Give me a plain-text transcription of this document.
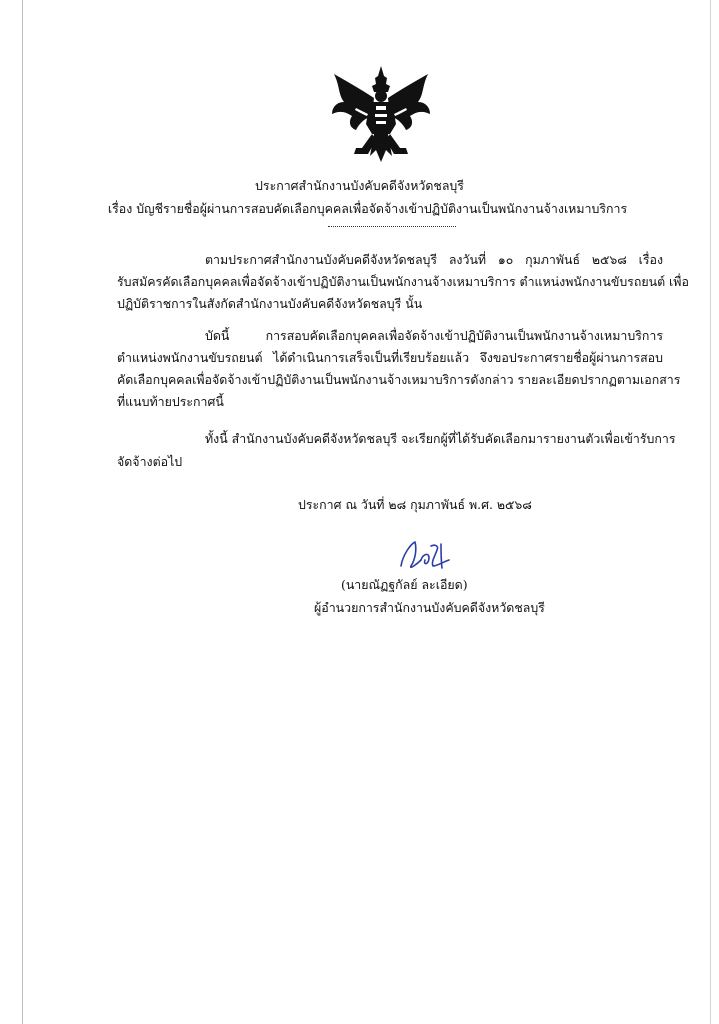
ประกาศสำนักงานบังคับคดีจังหวัดชลบุรี
เรื่อง บัญชีรายชื่อผู้ผ่านการสอบคัดเลือกบุคคลเพื่อจัดจ้างเข้าปฏิบัติงานเป็นพนักงานจ้างเหมาบริการ
ตามประกาศสำนักงานบังคับคดีจังหวัดชลบุรี ลงวันที่ ๑๐ กุมภาพันธ์ ๒๕๖๘ เรื่อง
รับสมัครคัดเลือกบุคคลเพื่อจัดจ้างเข้าปฏิบัติงานเป็นพนักงานจ้างเหมาบริการ ตำแหน่งพนักงานขับรถยนต์ เพื่อ
ปฏิบัติราชการในสังกัดสำนักงานบังคับคดีจังหวัดชลบุรี นั้น
บัดนี้ การสอบคัดเลือกบุคคลเพื่อจัดจ้างเข้าปฏิบัติงานเป็นพนักงานจ้างเหมาบริการ
ตำแหน่งพนักงานขับรถยนต์ ได้ดำเนินการเสร็จเป็นที่เรียบร้อยแล้ว จึงขอประกาศรายชื่อผู้ผ่านการสอบ
คัดเลือกบุคคลเพื่อจัดจ้างเข้าปฏิบัติงานเป็นพนักงานจ้างเหมาบริการดังกล่าว รายละเอียดปรากฏตามเอกสาร
ที่แนบท้ายประกาศนี้
ทั้งนี้ สำนักงานบังคับคดีจังหวัดชลบุรี จะเรียกผู้ที่ได้รับคัดเลือกมารายงานตัวเพื่อเข้ารับการ
จัดจ้างต่อไป
ประกาศ ณ วันที่ ๒๘ กุมภาพันธ์ พ.ศ. ๒๕๖๘
(นายณัฏฐกัลย์ ละเอียด)
ผู้อำนวยการสำนักงานบังคับคดีจังหวัดชลบุรี
